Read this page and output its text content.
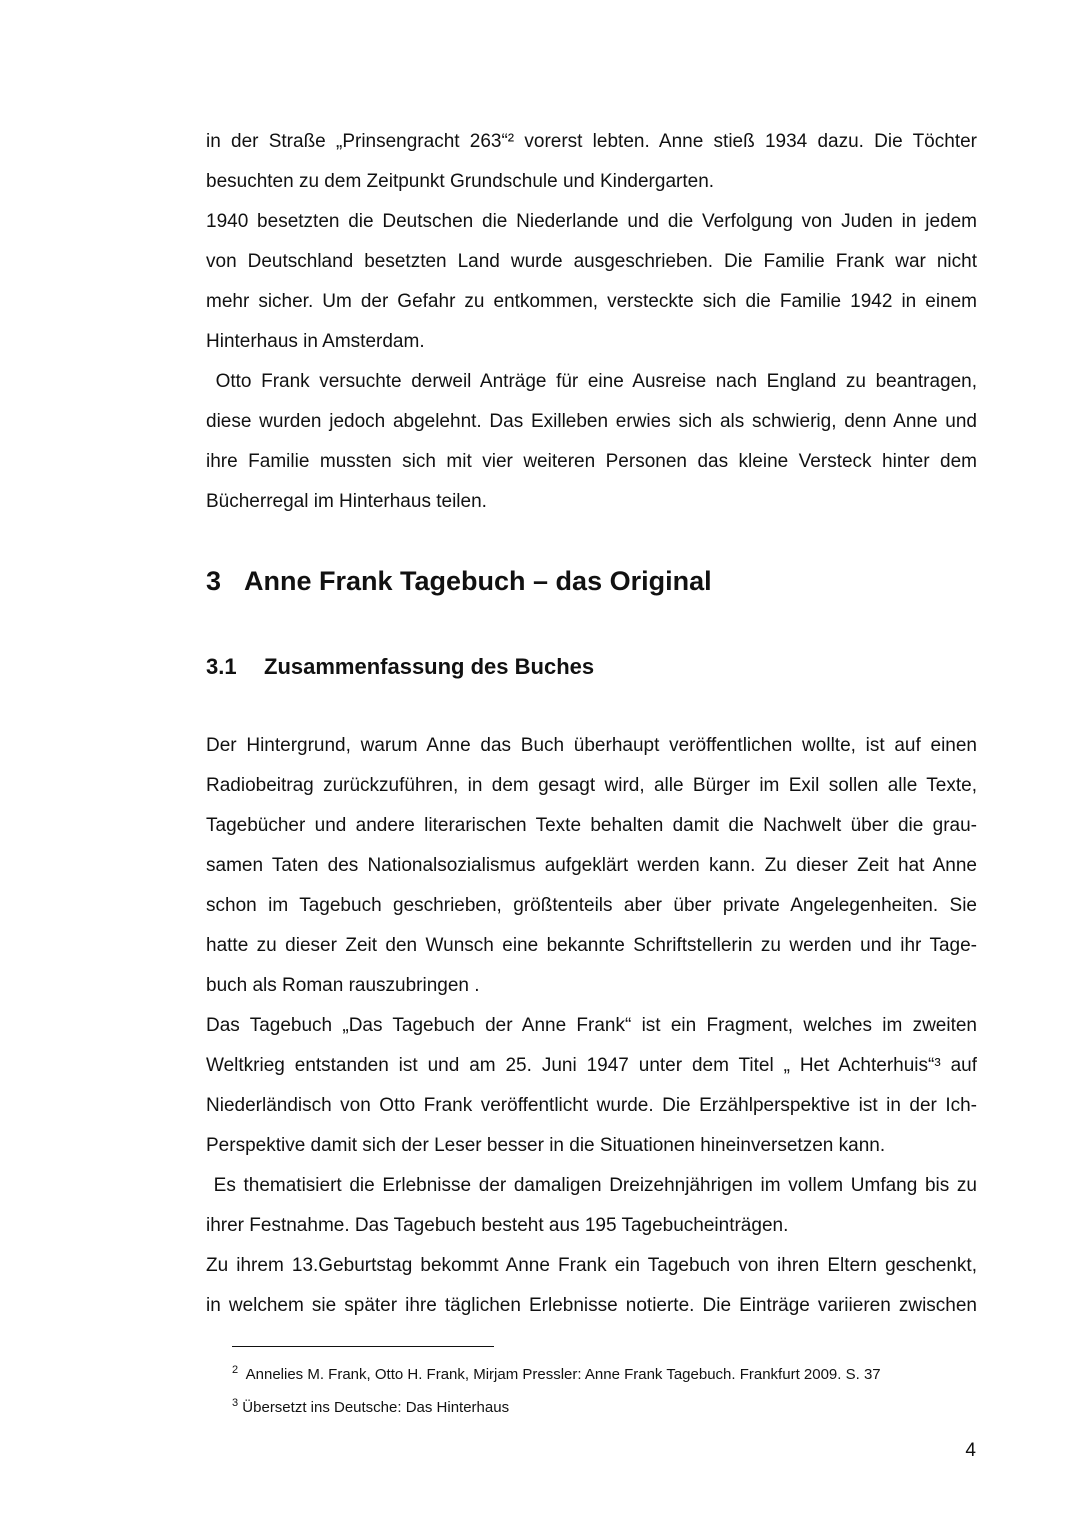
in der Straße „Prinsengracht 263“² vorerst lebten. Anne stieß 1934 dazu. Die Töchter
besuchten zu dem Zeitpunkt Grundschule und Kindergarten.
1940 besetzten die Deutschen die Niederlande und die Verfolgung von Juden in jedem
von Deutschland besetzten Land wurde ausgeschrieben. Die Familie Frank war nicht
mehr sicher. Um der Gefahr zu entkommen, versteckte sich die Familie 1942 in einem
Hinterhaus in Amsterdam.
Otto Frank versuchte derweil Anträge für eine Ausreise nach England zu beantragen,
diese wurden jedoch abgelehnt. Das Exilleben erwies sich als schwierig, denn Anne und
ihre Familie mussten sich mit vier weiteren Personen das kleine Versteck hinter dem
Bücherregal im Hinterhaus teilen.
3 Anne Frank Tagebuch – das Original
3.1 Zusammenfassung des Buches
Der Hintergrund, warum Anne das Buch überhaupt veröffentlichen wollte, ist auf einen
Radiobeitrag zurückzuführen, in dem gesagt wird, alle Bürger im Exil sollen alle Texte,
Tagebücher und andere literarischen Texte behalten damit die Nachwelt über die grau-
samen Taten des Nationalsozialismus aufgeklärt werden kann. Zu dieser Zeit hat Anne
schon im Tagebuch geschrieben, größtenteils aber über private Angelegenheiten. Sie
hatte zu dieser Zeit den Wunsch eine bekannte Schriftstellerin zu werden und ihr Tage-
buch als Roman rauszubringen .
Das Tagebuch „Das Tagebuch der Anne Frank“ ist ein Fragment, welches im zweiten
Weltkrieg entstanden ist und am 25. Juni 1947 unter dem Titel „ Het Achterhuis“³ auf
Niederländisch von Otto Frank veröffentlicht wurde. Die Erzählperspektive ist in der Ich-
Perspektive damit sich der Leser besser in die Situationen hineinversetzen kann.
Es thematisiert die Erlebnisse der damaligen Dreizehnjährigen im vollem Umfang bis zu
ihrer Festnahme. Das Tagebuch besteht aus 195 Tagebucheinträgen.
Zu ihrem 13.Geburtstag bekommt Anne Frank ein Tagebuch von ihren Eltern geschenkt,
in welchem sie später ihre täglichen Erlebnisse notierte. Die Einträge variieren zwischen
$^2$ Annelies M. Frank, Otto H. Frank, Mirjam Pressler: Anne Frank Tagebuch. Frankfurt 2009. S. 37
$^3$ Übersetzt ins Deutsche: Das Hinterhaus
4
